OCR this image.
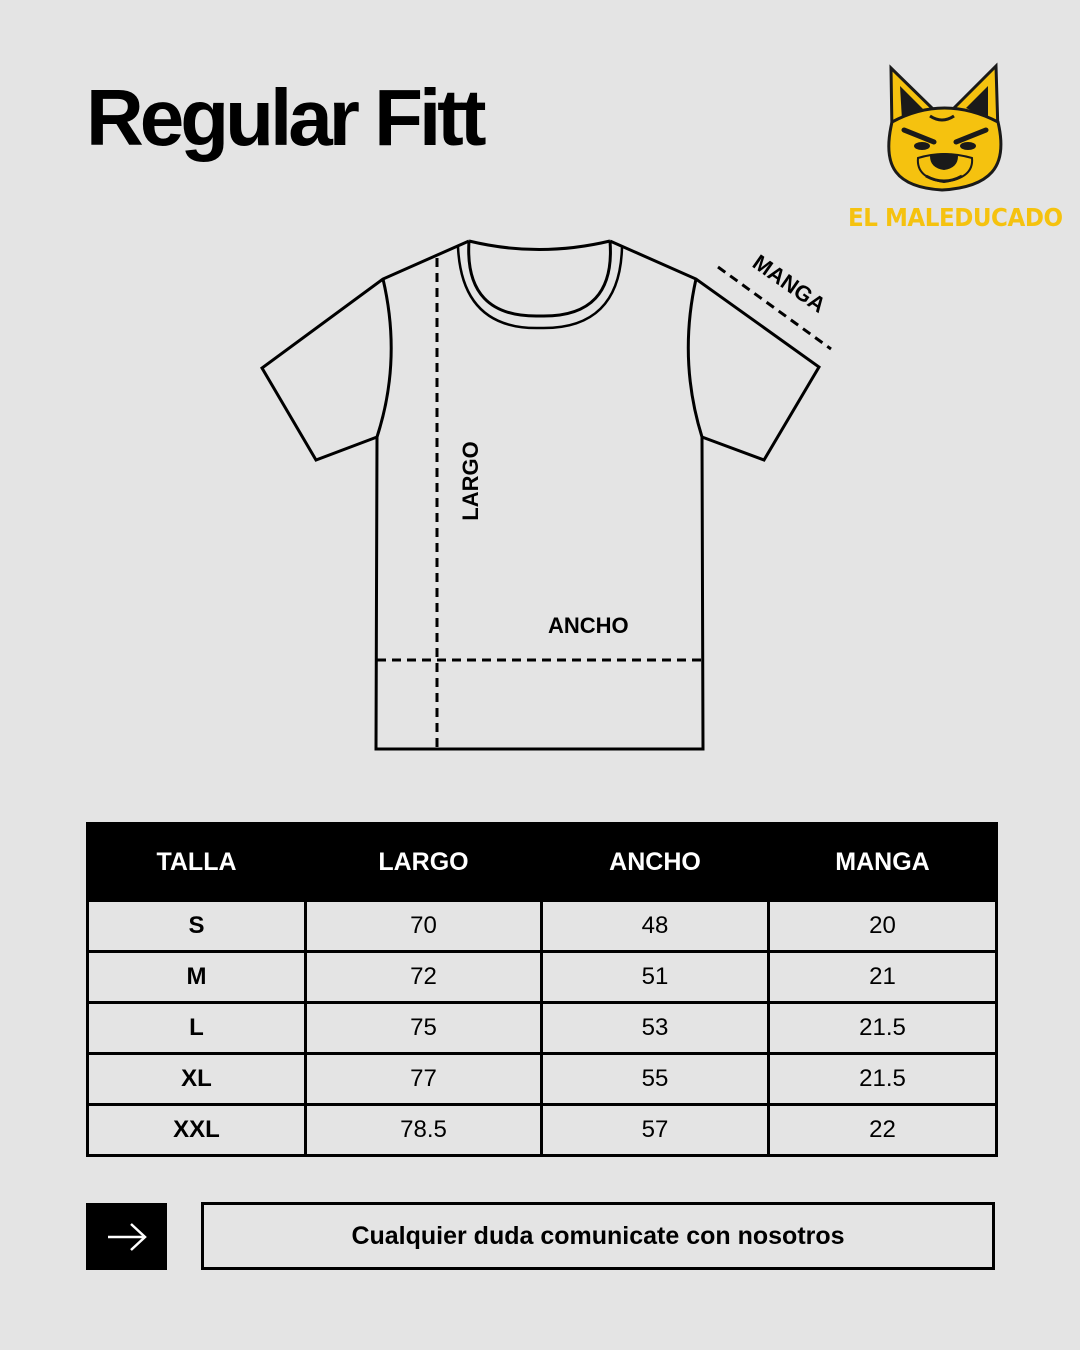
Regular Fitt
EL MALEDUCADO
LARGO
ANCHO
MANGA
TALLA	LARGO	ANCHO	MANGA
S	70	48	20
M	72	51	21
L	75	53	21.5
XL	77	55	21.5
XXL	78.5	57	22
Cualquier duda comunicate con nosotros
